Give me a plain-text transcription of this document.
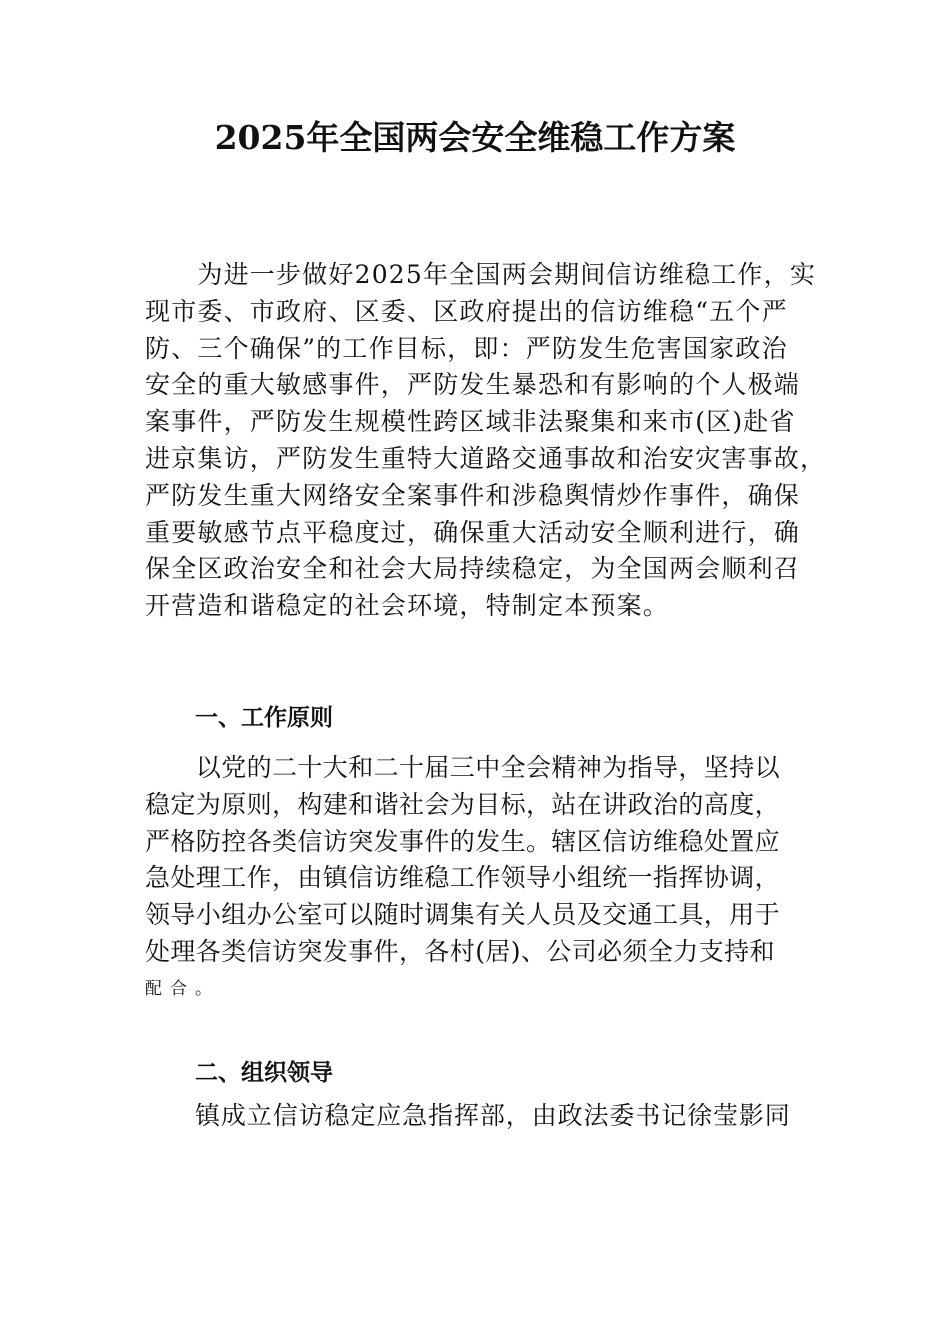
2025年全国两会安全维稳工作方案
　　为进一步做好2025年全国两会期间信访维稳工作，实
现市委、市政府、区委、区政府提出的信访维稳“五个严
防、三个确保”的工作目标，即：严防发生危害国家政治
安全的重大敏感事件，严防发生暴恐和有影响的个人极端
案事件，严防发生规模性跨区域非法聚集和来市(区)赴省
进京集访，严防发生重特大道路交通事故和治安灾害事故，
严防发生重大网络安全案事件和涉稳舆情炒作事件，确保
重要敏感节点平稳度过，确保重大活动安全顺利进行，确
保全区政治安全和社会大局持续稳定，为全国两会顺利召
开营造和谐稳定的社会环境，特制定本预案。
一、工作原则
　　以党的二十大和二十届三中全会精神为指导，坚持以
稳定为原则，构建和谐社会为目标，站在讲政治的高度，
严格防控各类信访突发事件的发生。辖区信访维稳处置应
急处理工作，由镇信访维稳工作领导小组统一指挥协调，
领导小组办公室可以随时调集有关人员及交通工具，用于
处理各类信访突发事件，各村(居)、公司必须全力支持和
配合。
二、组织领导
镇成立信访稳定应急指挥部，由政法委书记徐莹影同
